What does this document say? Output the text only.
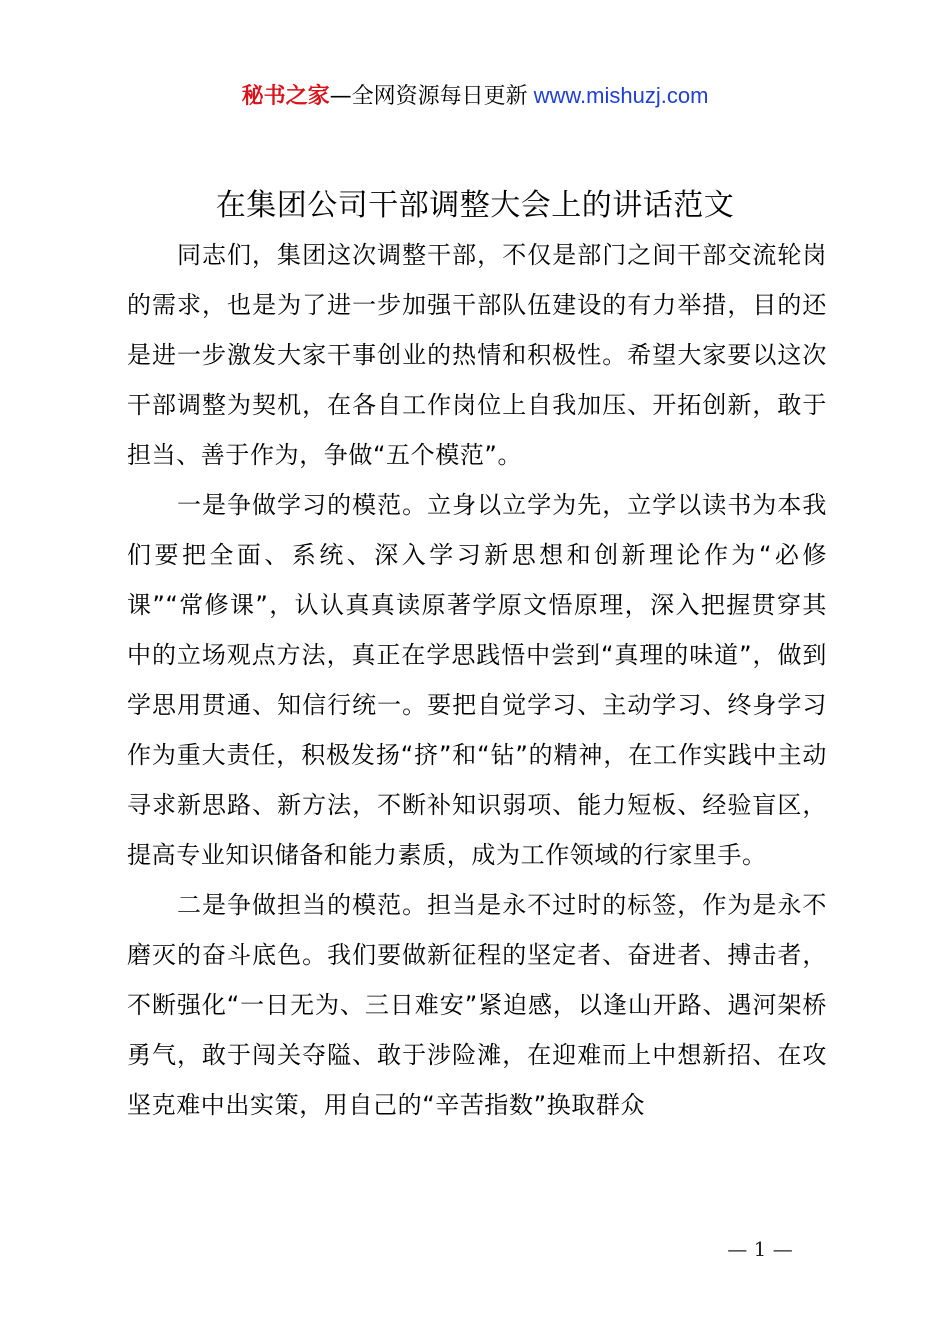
秘书之家—全网资源每日更新 www.mishuzj.com
在集团公司干部调整大会上的讲话范文

同志们，集团这次调整干部，不仅是部门之间干部交流轮岗的需求，也是为了进一步加强干部队伍建设的有力举措，目的还是进一步激发大家干事创业的热情和积极性。希望大家要以这次干部调整为契机，在各自工作岗位上自我加压、开拓创新，敢于担当、善于作为，争做“五个模范”。

一是争做学习的模范。立身以立学为先，立学以读书为本我们要把全面、系统、深入学习新思想和创新理论作为“必修课”“常修课”，认认真真读原著学原文悟原理，深入把握贯穿其中的立场观点方法，真正在学思践悟中尝到“真理的味道”，做到学思用贯通、知信行统一。要把自觉学习、主动学习、终身学习作为重大责任，积极发扬“挤”和“钻”的精神，在工作实践中主动寻求新思路、新方法，不断补知识弱项、能力短板、经验盲区，提高专业知识储备和能力素质，成为工作领域的行家里手。

二是争做担当的模范。担当是永不过时的标签，作为是永不磨灭的奋斗底色。我们要做新征程的坚定者、奋进者、搏击者，不断强化“一日无为、三日难安”紧迫感，以逢山开路、遇河架桥勇气，敢于闯关夺隘、敢于涉险滩，在迎难而上中想新招、在攻坚克难中出实策，用自己的“辛苦指数”换取群众

— 1 —
